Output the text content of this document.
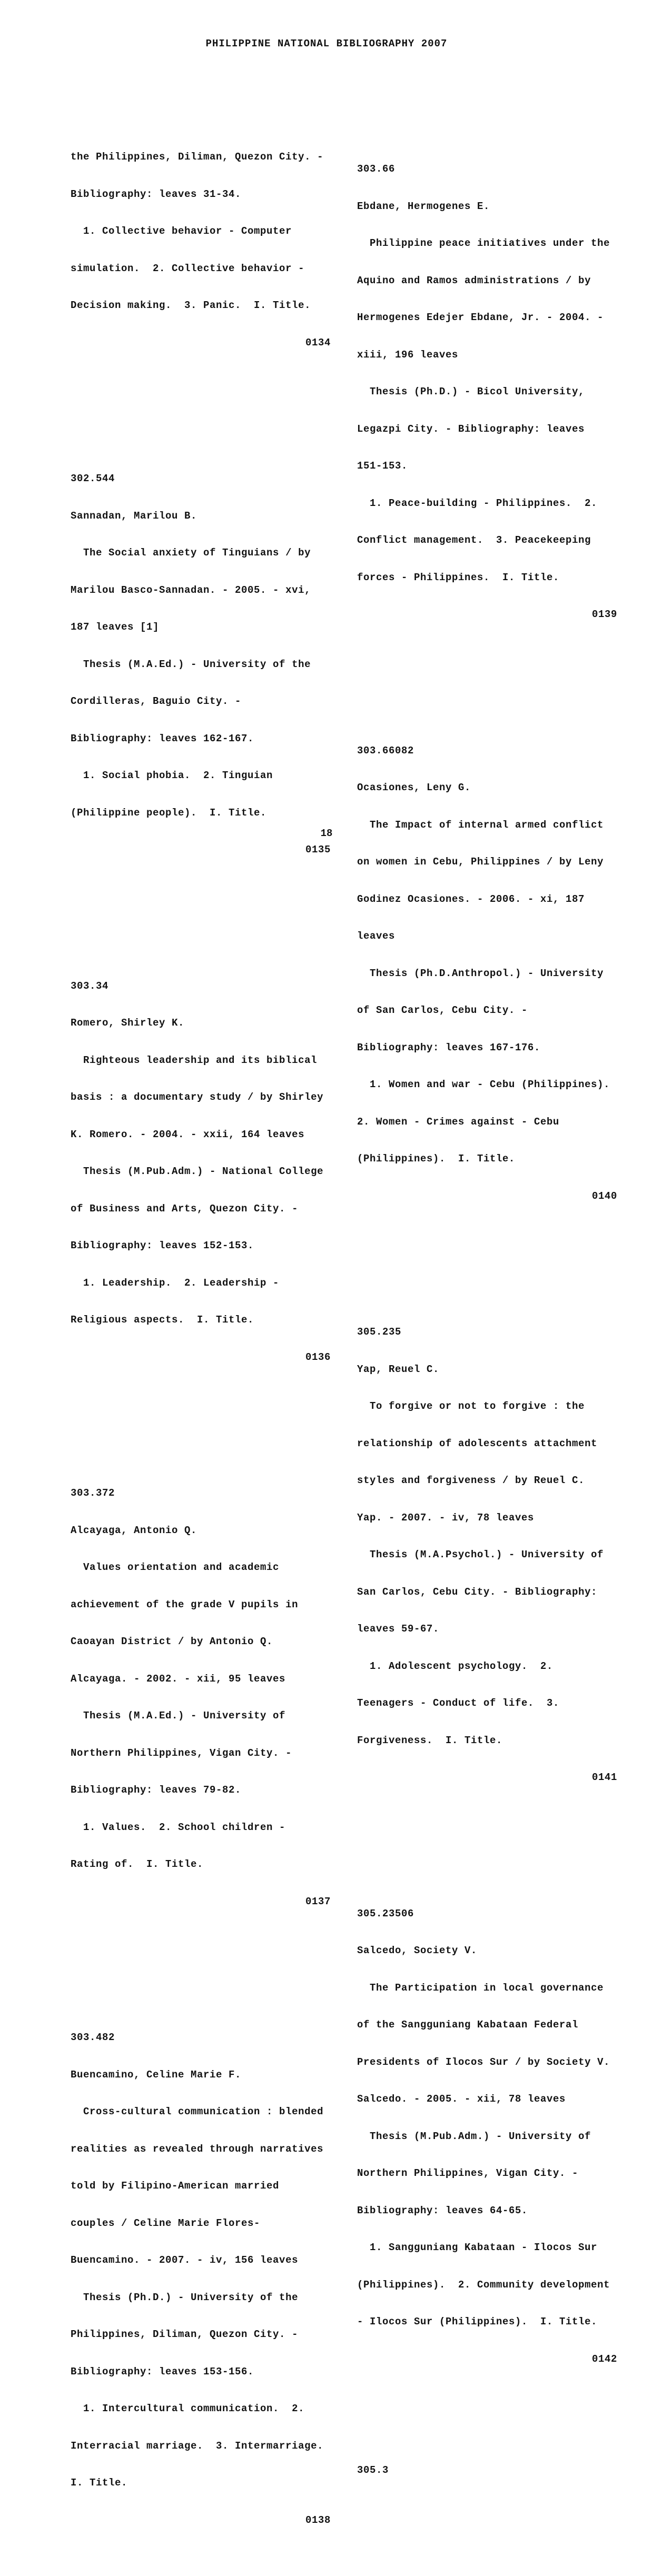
PHILIPPINE NATIONAL BIBLIOGRAPHY 2007

the Philippines, Diliman, Quezon City. -

Bibliography: leaves 31-34.

1. Collective behavior - Computer

simulation.  2. Collective behavior -

Decision making.  3. Panic.  I. Title.

0134

302.544

Sannadan, Marilou B.

The Social anxiety of Tinguians / by

Marilou Basco-Sannadan. - 2005. - xvi,

187 leaves [1]

Thesis (M.A.Ed.) - University of the

Cordilleras, Baguio City. -

Bibliography: leaves 162-167.

1. Social phobia.  2. Tinguian

(Philippine people).  I. Title.

0135

303.34

Romero, Shirley K.

Righteous leadership and its biblical

basis : a documentary study / by Shirley

K. Romero. - 2004. - xxii, 164 leaves

Thesis (M.Pub.Adm.) - National College

of Business and Arts, Quezon City. -

Bibliography: leaves 152-153.

1. Leadership.  2. Leadership -

Religious aspects.  I. Title.

0136

303.372

Alcayaga, Antonio Q.

Values orientation and academic

achievement of the grade V pupils in

Caoayan District / by Antonio Q.

Alcayaga. - 2002. - xii, 95 leaves

Thesis (M.A.Ed.) - University of

Northern Philippines, Vigan City. -

Bibliography: leaves 79-82.

1. Values.  2. School children -

Rating of.  I. Title.

0137

303.482

Buencamino, Celine Marie F.

Cross-cultural communication : blended

realities as revealed through narratives

told by Filipino-American married

couples / Celine Marie Flores-

Buencamino. - 2007. - iv, 156 leaves

Thesis (Ph.D.) - University of the

Philippines, Diliman, Quezon City. -

Bibliography: leaves 153-156.

1. Intercultural communication.  2.

Interracial marriage.  3. Intermarriage.

I. Title.

0138

303.66

Ebdane, Hermogenes E.

Philippine peace initiatives under the

Aquino and Ramos administrations / by

Hermogenes Edejer Ebdane, Jr. - 2004. -

xiii, 196 leaves

Thesis (Ph.D.) - Bicol University,

Legazpi City. - Bibliography: leaves

151-153.

1. Peace-building - Philippines.  2.

Conflict management.  3. Peacekeeping

forces - Philippines.  I. Title.

0139

303.66082

Ocasiones, Leny G.

The Impact of internal armed conflict

on women in Cebu, Philippines / by Leny

Godinez Ocasiones. - 2006. - xi, 187

leaves

Thesis (Ph.D.Anthropol.) - University

of San Carlos, Cebu City. -

Bibliography: leaves 167-176.

1. Women and war - Cebu (Philippines).

2. Women - Crimes against - Cebu

(Philippines).  I. Title.

0140

305.235

Yap, Reuel C.

To forgive or not to forgive : the

relationship of adolescents attachment

styles and forgiveness / by Reuel C.

Yap. - 2007. - iv, 78 leaves

Thesis (M.A.Psychol.) - University of

San Carlos, Cebu City. - Bibliography:

leaves 59-67.

1. Adolescent psychology.  2.

Teenagers - Conduct of life.  3.

Forgiveness.  I. Title.

0141

305.23506

Salcedo, Society V.

The Participation in local governance

of the Sangguniang Kabataan Federal

Presidents of Ilocos Sur / by Society V.

Salcedo. - 2005. - xii, 78 leaves

Thesis (M.Pub.Adm.) - University of

Northern Philippines, Vigan City. -

Bibliography: leaves 64-65.

1. Sangguniang Kabataan - Ilocos Sur

(Philippines).  2. Community development

- Ilocos Sur (Philippines).  I. Title.

0142

305.3

18
